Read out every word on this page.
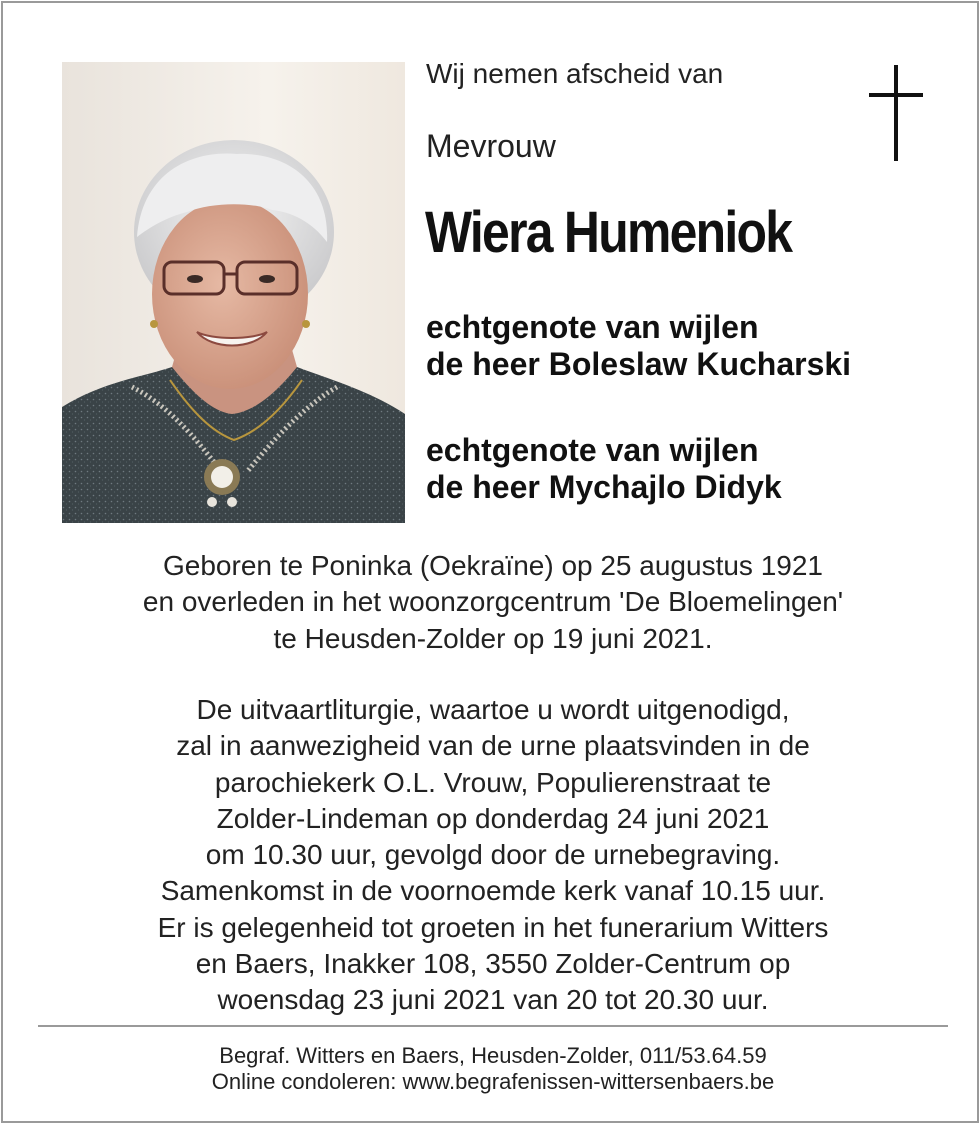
Wij nemen afscheid van
Mevrouw
Wiera Humeniok
echtgenote van wijlen
de heer Boleslaw Kucharski
echtgenote van wijlen
de heer Mychajlo Didyk
Geboren te Poninka (Oekraïne) op 25 augustus 1921
en overleden in het woonzorgcentrum 'De Bloemelingen'
te Heusden-Zolder op 19 juni 2021.
De uitvaartliturgie, waartoe u wordt uitgenodigd,
zal in aanwezigheid van de urne plaatsvinden in de
parochiekerk O.L. Vrouw, Populierenstraat te
Zolder-Lindeman op donderdag 24 juni 2021
om 10.30 uur, gevolgd door de urnebegraving.
Samenkomst in de voornoemde kerk vanaf 10.15 uur.
Er is gelegenheid tot groeten in het funerarium Witters
en Baers, Inakker 108, 3550 Zolder-Centrum op
woensdag 23 juni 2021 van 20 tot 20.30 uur.
Begraf. Witters en Baers, Heusden-Zolder, 011/53.64.59
Online condoleren: www.begrafenissen-wittersenbaers.be
